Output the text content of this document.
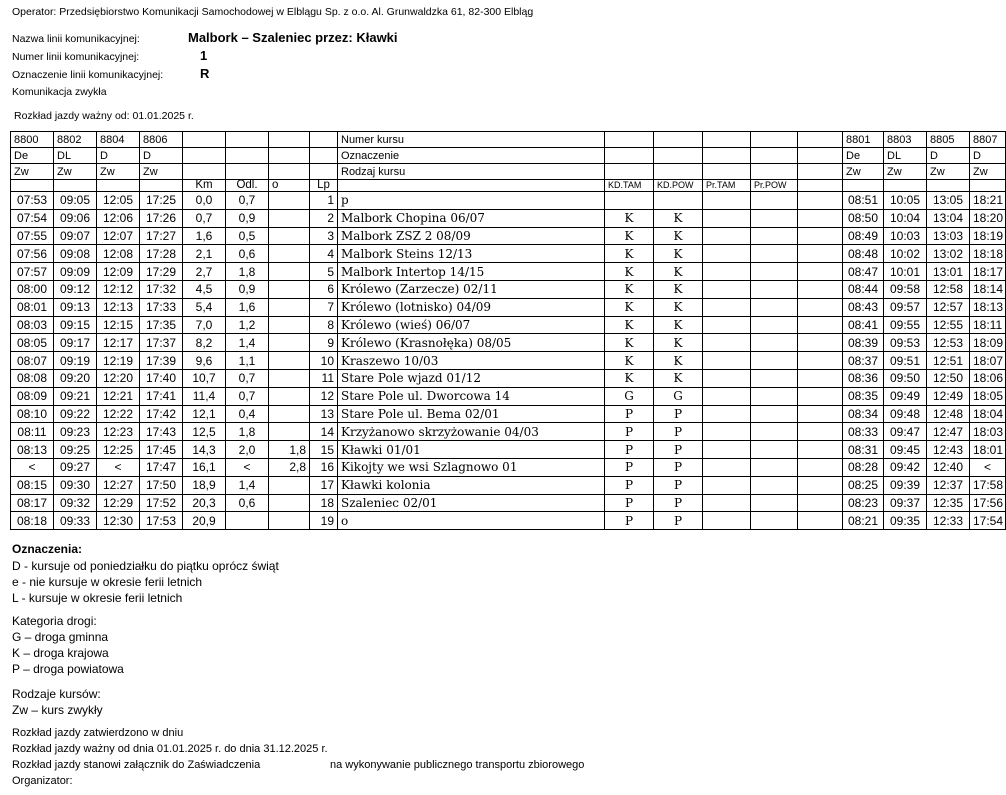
Operator: Przedsiębiorstwo Komunikacji Samochodowej w Elblągu Sp. z o.o. Al. Grunwaldzka 61, 82-300 Elbląg
Nazwa linii komunikacyjnej:	Malbork – Szaleniec przez: Kławki
Numer linii komunikacyjnej:	1
Oznaczenie linii komunikacyjnej:	R
Komunikacja zwykła
Rozkład jazdy ważny od: 01.01.2025 r.
8800	8802	8804	8806					Numer kursu						8801	8803	8805	8807
De	DL	D	D					Oznaczenie						De	DL	D	D
Zw	Zw	Zw	Zw					Rodzaj kursu						Zw	Zw	Zw	Zw
				Km	Odl.	o	Lp		KD.TAM	KD.POW	Pr.TAM	Pr.POW					
07:53	09:05	12:05	17:25	0,0	0,7		1	p						08:51	10:05	13:05	18:21
07:54	09:06	12:06	17:26	0,7	0,9		2	Malbork Chopina 06/07	K	K				08:50	10:04	13:04	18:20
07:55	09:07	12:07	17:27	1,6	0,5		3	Malbork ZSZ 2 08/09	K	K				08:49	10:03	13:03	18:19
07:56	09:08	12:08	17:28	2,1	0,6		4	Malbork Steins 12/13	K	K				08:48	10:02	13:02	18:18
07:57	09:09	12:09	17:29	2,7	1,8		5	Malbork Intertop 14/15	K	K				08:47	10:01	13:01	18:17
08:00	09:12	12:12	17:32	4,5	0,9		6	Królewo (Zarzecze) 02/11	K	K				08:44	09:58	12:58	18:14
08:01	09:13	12:13	17:33	5,4	1,6		7	Królewo (lotnisko) 04/09	K	K				08:43	09:57	12:57	18:13
08:03	09:15	12:15	17:35	7,0	1,2		8	Królewo (wieś) 06/07	K	K				08:41	09:55	12:55	18:11
08:05	09:17	12:17	17:37	8,2	1,4		9	Królewo (Krasnołęka) 08/05	K	K				08:39	09:53	12:53	18:09
08:07	09:19	12:19	17:39	9,6	1,1		10	Kraszewo 10/03	K	K				08:37	09:51	12:51	18:07
08:08	09:20	12:20	17:40	10,7	0,7		11	Stare Pole wjazd 01/12	K	K				08:36	09:50	12:50	18:06
08:09	09:21	12:21	17:41	11,4	0,7		12	Stare Pole ul. Dworcowa 14	G	G				08:35	09:49	12:49	18:05
08:10	09:22	12:22	17:42	12,1	0,4		13	Stare Pole ul. Bema 02/01	P	P				08:34	09:48	12:48	18:04
08:11	09:23	12:23	17:43	12,5	1,8		14	Krzyżanowo skrzyżowanie 04/03	P	P				08:33	09:47	12:47	18:03
08:13	09:25	12:25	17:45	14,3	2,0	1,8	15	Kławki 01/01	P	P				08:31	09:45	12:43	18:01
<	09:27	<	17:47	16,1	<	2,8	16	Kikojty we wsi Szlagnowo 01	P	P				08:28	09:42	12:40	<
08:15	09:30	12:27	17:50	18,9	1,4		17	Kławki kolonia	P	P				08:25	09:39	12:37	17:58
08:17	09:32	12:29	17:52	20,3	0,6		18	Szaleniec 02/01	P	P				08:23	09:37	12:35	17:56
08:18	09:33	12:30	17:53	20,9			19	o	P	P				08:21	09:35	12:33	17:54
Oznaczenia:
D - kursuje od poniedziałku do piątku oprócz świąt
e - nie kursuje w okresie ferii letnich
L - kursuje w okresie ferii letnich
Kategoria drogi:
G – droga gminna
K – droga krajowa
P – droga powiatowa
Rodzaje kursów:
Zw – kurs zwykły
Rozkład jazdy zatwierdzono w dniu
Rozkład jazdy ważny od dnia 01.01.2025 r. do dnia 31.12.2025 r.
Rozkład jazdy stanowi załącznik do Zaświadczenia	na wykonywanie publicznego transportu zbiorowego
Organizator:
